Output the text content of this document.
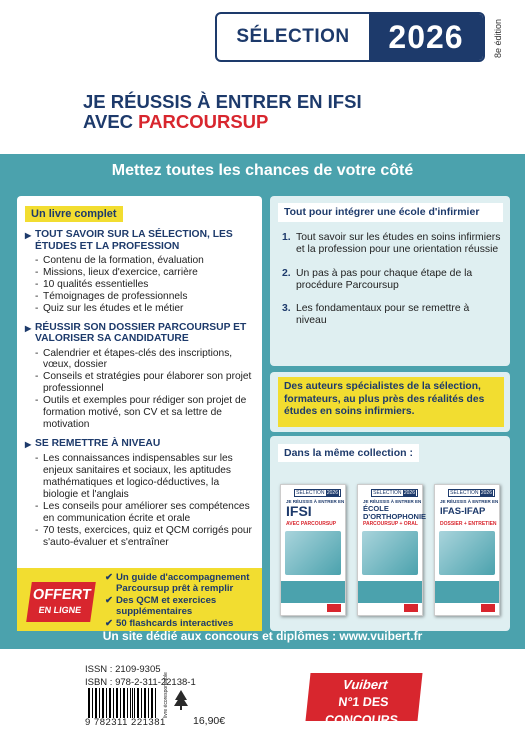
SÉLECTION	2026	8e édition
JE RÉUSSIS À ENTRER EN IFSI
AVEC PARCOURSUP
Mettez toutes les chances de votre côté
Un livre complet
▶ TOUT SAVOIR SUR LA SÉLECTION, LES ÉTUDES ET LA PROFESSION
- Contenu de la formation, évaluation
- Missions, lieux d'exercice, carrière
- 10 qualités essentielles
- Témoignages de professionnels
- Quiz sur les études et le métier
▶ RÉUSSIR SON DOSSIER PARCOURSUP ET VALORISER SA CANDIDATURE
- Calendrier et étapes-clés des inscriptions, vœux, dossier
- Conseils et stratégies pour élaborer son projet professionnel
- Outils et exemples pour rédiger son projet de formation motivé, son CV et sa lettre de motivation
▶ SE REMETTRE À NIVEAU
- Les connaissances indispensables sur les enjeux sanitaires et sociaux, les aptitudes mathématiques et logico-déductives, la biologie et l'anglais
- Les conseils pour améliorer ses compétences en communication écrite et orale
- 70 tests, exercices, quiz et QCM corrigés pour s'auto-évaluer et s'entraîner
OFFERT
EN LIGNE
✔ Un guide d'accompagnement Parcoursup prêt à remplir
✔ Des QCM et exercices supplémentaires
✔ 50 flashcards interactives
Tout pour intégrer une école d'infirmier
1. Tout savoir sur les études en soins infirmiers et la profession pour une orientation réussie
2. Un pas à pas pour chaque étape de la procédure Parcoursup
3. Les fondamentaux pour se remettre à niveau
Des auteurs spécialistes de la sélection, formateurs, au plus près des réalités des études en soins infirmiers.
Dans la même collection :
SÉLECTION 2026
JE RÉUSSIS À ENTRER EN
IFSI
AVEC PARCOURSUP
SÉLECTION 2026
JE RÉUSSIS À ENTRER EN
ÉCOLE D'ORTHOPHONIE
PARCOURSUP + ORAL
SÉLECTION 2026
JE RÉUSSIS À ENTRER EN
IFAS-IFAP
DOSSIER + ENTRETIEN
Un site dédié aux concours et diplômes : www.vuibert.fr
ISSN : 2109-9305
ISBN : 978-2-311-22138-1
9 782311 221381
livre écoresponsable
16,90€
Vuibert
N°1 DES CONCOURS
